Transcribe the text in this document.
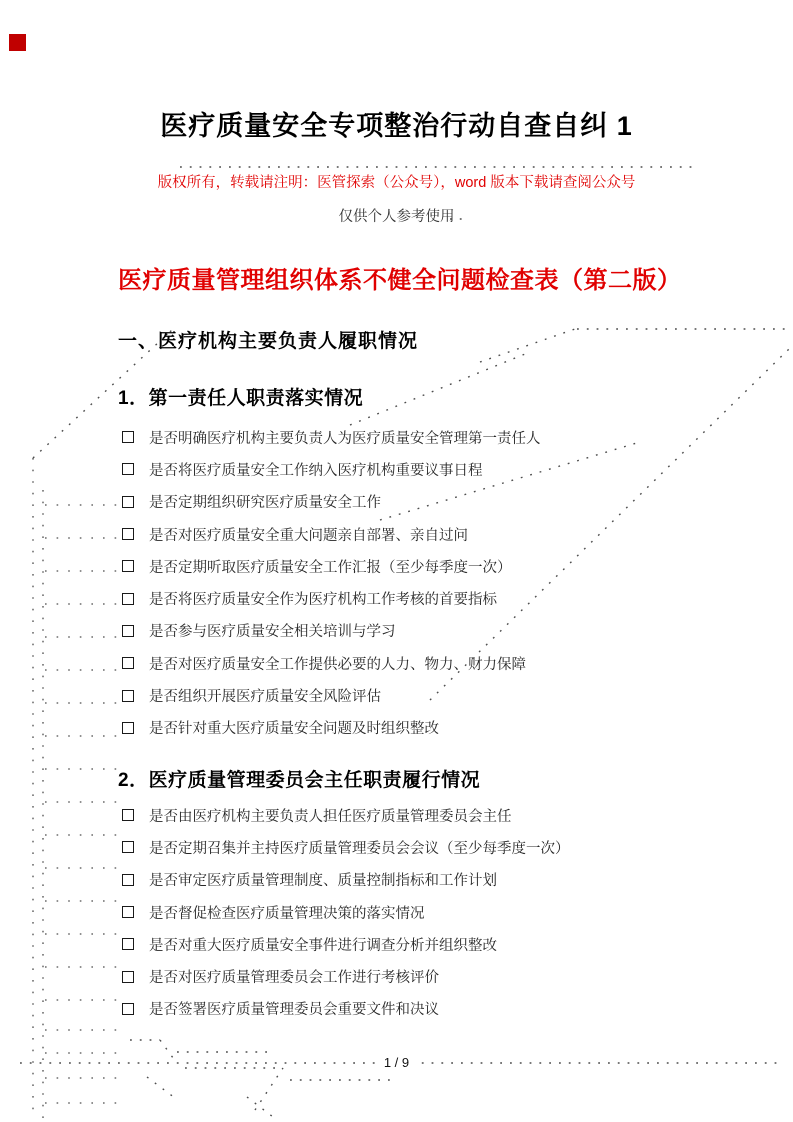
医疗质量安全专项整治行动自查自纠 1

版权所有，转载请注明：医管探索（公众号），word 版本下载请查阅公众号

仅供个人参考使用

医疗质量管理组织体系不健全问题检查表（第二版）
一、医疗机构主要负责人履职情况
1．第一责任人职责落实情况
是否明确医疗机构主要负责人为医疗质量安全管理第一责任人
是否将医疗质量安全工作纳入医疗机构重要议事日程
是否定期组织研究医疗质量安全工作
是否对医疗质量安全重大问题亲自部署、亲自过问
是否定期听取医疗质量安全工作汇报（至少每季度一次）
是否将医疗质量安全作为医疗机构工作考核的首要指标
是否参与医疗质量安全相关培训与学习
是否对医疗质量安全工作提供必要的人力、物力、财力保障
是否组织开展医疗质量安全风险评估
是否针对重大医疗质量安全问题及时组织整改
2．医疗质量管理委员会主任职责履行情况
是否由医疗机构主要负责人担任医疗质量管理委员会主任
是否定期召集并主持医疗质量管理委员会会议（至少每季度一次）
是否审定医疗质量管理制度、质量控制指标和工作计划
是否督促检查医疗质量管理决策的落实情况
是否对重大医疗质量安全事件进行调查分析并组织整改
是否对医疗质量管理委员会工作进行考核评价
是否签署医疗质量管理委员会重要文件和决议
1 / 9
